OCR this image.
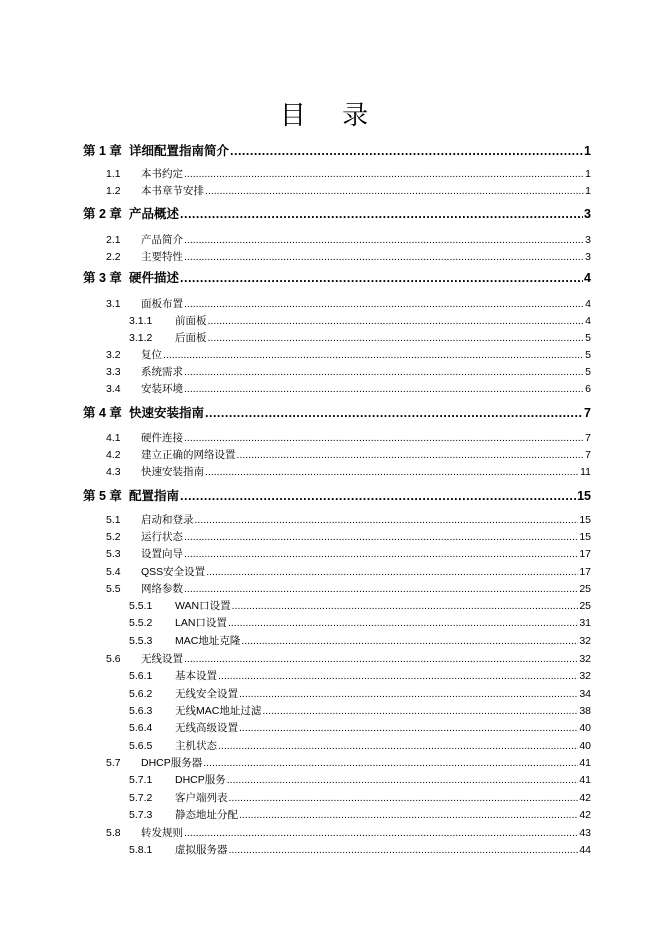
目 录
第 1 章 详细配置指南简介 .....	1
1.1	本书约定 .....	1
1.2	本书章节安排 .....	1
第 2 章 产品概述 .....	3
2.1	产品简介 .....	3
2.2	主要特性 .....	3
第 3 章 硬件描述 .....	4
3.1	面板布置 .....	4
3.1.1	前面板 .....	4
3.1.2	后面板 .....	5
3.2	复位 .....	5
3.3	系统需求 .....	5
3.4	安装环境 .....	6
第 4 章 快速安装指南 .....	7
4.1	硬件连接 .....	7
4.2	建立正确的网络设置 .....	7
4.3	快速安装指南 .....	11
第 5 章 配置指南 .....	15
5.1	启动和登录 .....	15
5.2	运行状态 .....	15
5.3	设置向导 .....	17
5.4	QSS安全设置 .....	17
5.5	网络参数 .....	25
5.5.1	WAN口设置 .....	25
5.5.2	LAN口设置 .....	31
5.5.3	MAC地址克隆 .....	32
5.6	无线设置 .....	32
5.6.1	基本设置 .....	32
5.6.2	无线安全设置 .....	34
5.6.3	无线MAC地址过滤 .....	38
5.6.4	无线高级设置 .....	40
5.6.5	主机状态 .....	40
5.7	DHCP服务器 .....	41
5.7.1	DHCP服务 .....	41
5.7.2	客户端列表 .....	42
5.7.3	静态地址分配 .....	42
5.8	转发规则 .....	43
5.8.1	虚拟服务器 .....	44
